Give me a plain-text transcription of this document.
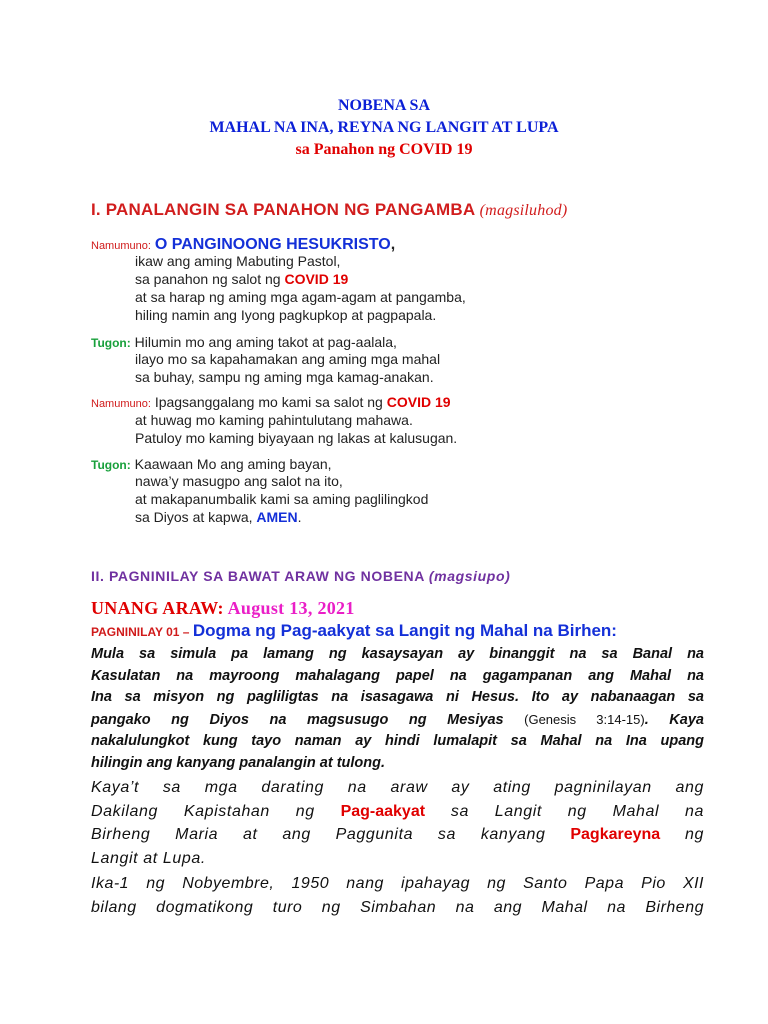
NOBENA SA
MAHAL NA INA, REYNA NG LANGIT AT LUPA
sa Panahon ng COVID 19
I. PANALANGIN SA PANAHON NG PANGAMBA (magsiluhod)
Namumuno: O PANGINOONG HESUKRISTO,
ikaw ang aming Mabuting Pastol,
sa panahon ng salot ng COVID 19
at sa harap ng aming mga agam-agam at pangamba,
hiling namin ang Iyong pagkupkop at pagpapala.
Tugon: Hilumin mo ang aming takot at pag-aalala,
ilayo mo sa kapahamakan ang aming mga mahal
sa buhay, sampu ng aming mga kamag-anakan.
Namumuno: Ipagsanggalang mo kami sa salot ng COVID 19
at huwag mo kaming pahintulutang mahawa.
Patuloy mo kaming biyayaan ng lakas at kalusugan.
Tugon: Kaawaan Mo ang aming bayan,
nawa’y masugpo ang salot na ito,
at makapanumbalik kami sa aming paglilingkod
sa Diyos at kapwa, AMEN.
II. PAGNINILAY SA BAWAT ARAW NG NOBENA (magsiupo)
UNANG ARAW: August 13, 2021
PAGNINILAY 01 – Dogma ng Pag-aakyat sa Langit ng Mahal na Birhen:
Mula sa simula pa lamang ng kasaysayan ay binanggit na sa Banal na
Kasulatan na mayroong mahalagang papel na gagampanan ang Mahal na
Ina sa misyon ng pagliligtas na isasagawa ni Hesus. Ito ay nabanaagan sa
pangako ng Diyos na magsusugo ng Mesiyas (Genesis 3:14-15). Kaya
nakalulungkot kung tayo naman ay hindi lumalapit sa Mahal na Ina upang
hilingin ang kanyang panalangin at tulong.
Kaya’t sa mga darating na araw ay ating pagninilayan ang
Dakilang Kapistahan ng Pag-aakyat sa Langit ng Mahal na
Birheng Maria at ang Paggunita sa kanyang Pagkareyna ng
Langit at Lupa.
Ika-1 ng Nobyembre, 1950 nang ipahayag ng Santo Papa Pio XII
bilang dogmatikong turo ng Simbahan na ang Mahal na Birheng
